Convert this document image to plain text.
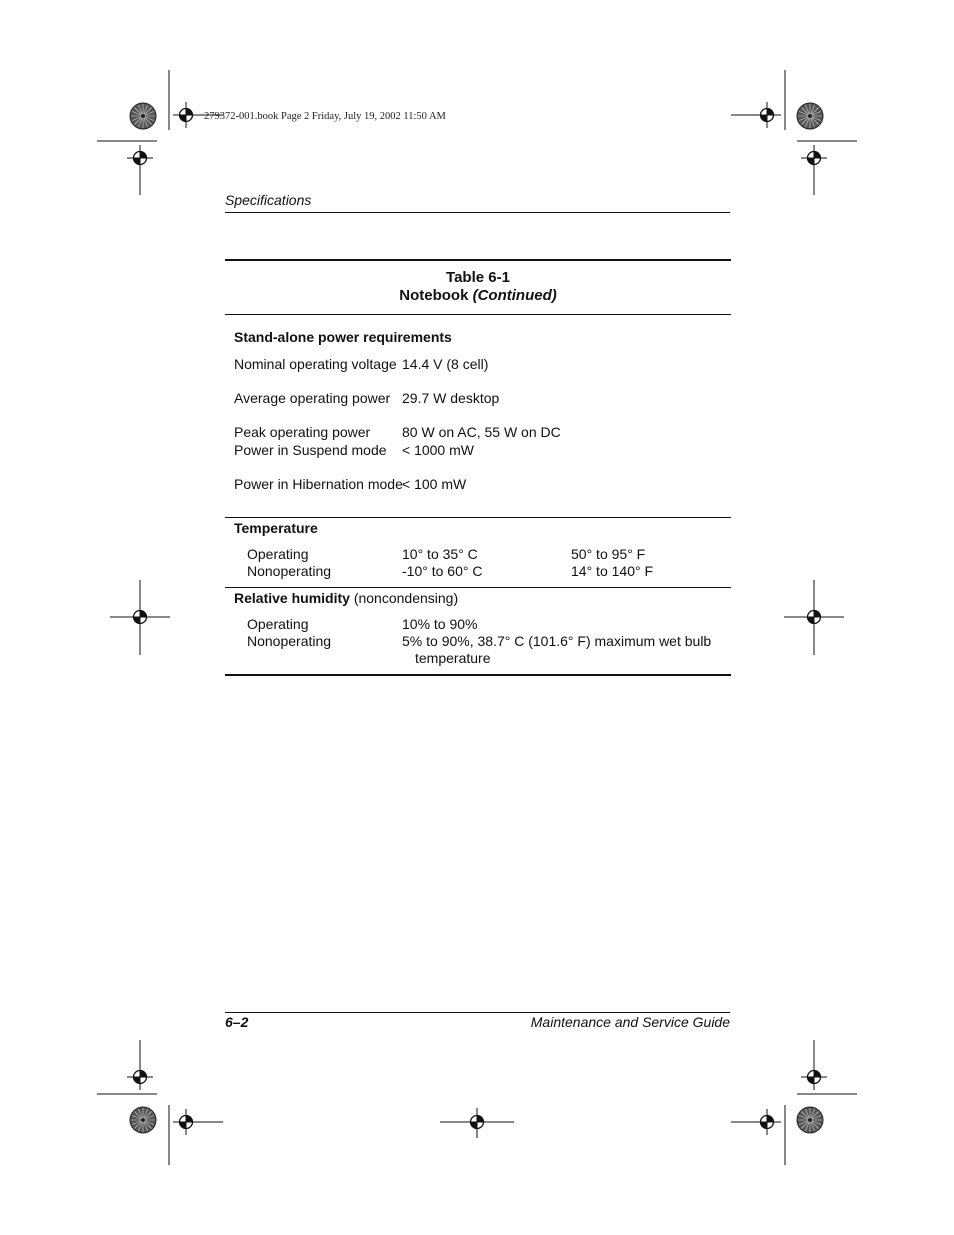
279372-001.book Page 2 Friday, July 19, 2002 11:50 AM
Specifications
Table 6-1
Notebook (Continued)
Stand-alone power requirements
Nominal operating voltage 14.4 V (8 cell)
Average operating power 29.7 W desktop
Peak operating power	80 W on AC, 55 W on DC
Power in Suspend mode	< 1000 mW
Power in Hibernation mode < 100 mW
Temperature
Operating	10° to 35° C	50° to 95° F
Nonoperating	-10° to 60° C	14° to 140° F
Relative humidity (noncondensing)
Operating	10% to 90%
Nonoperating	5% to 90%, 38.7° C (101.6° F) maximum wet bulb temperature
6–2	Maintenance and Service Guide
